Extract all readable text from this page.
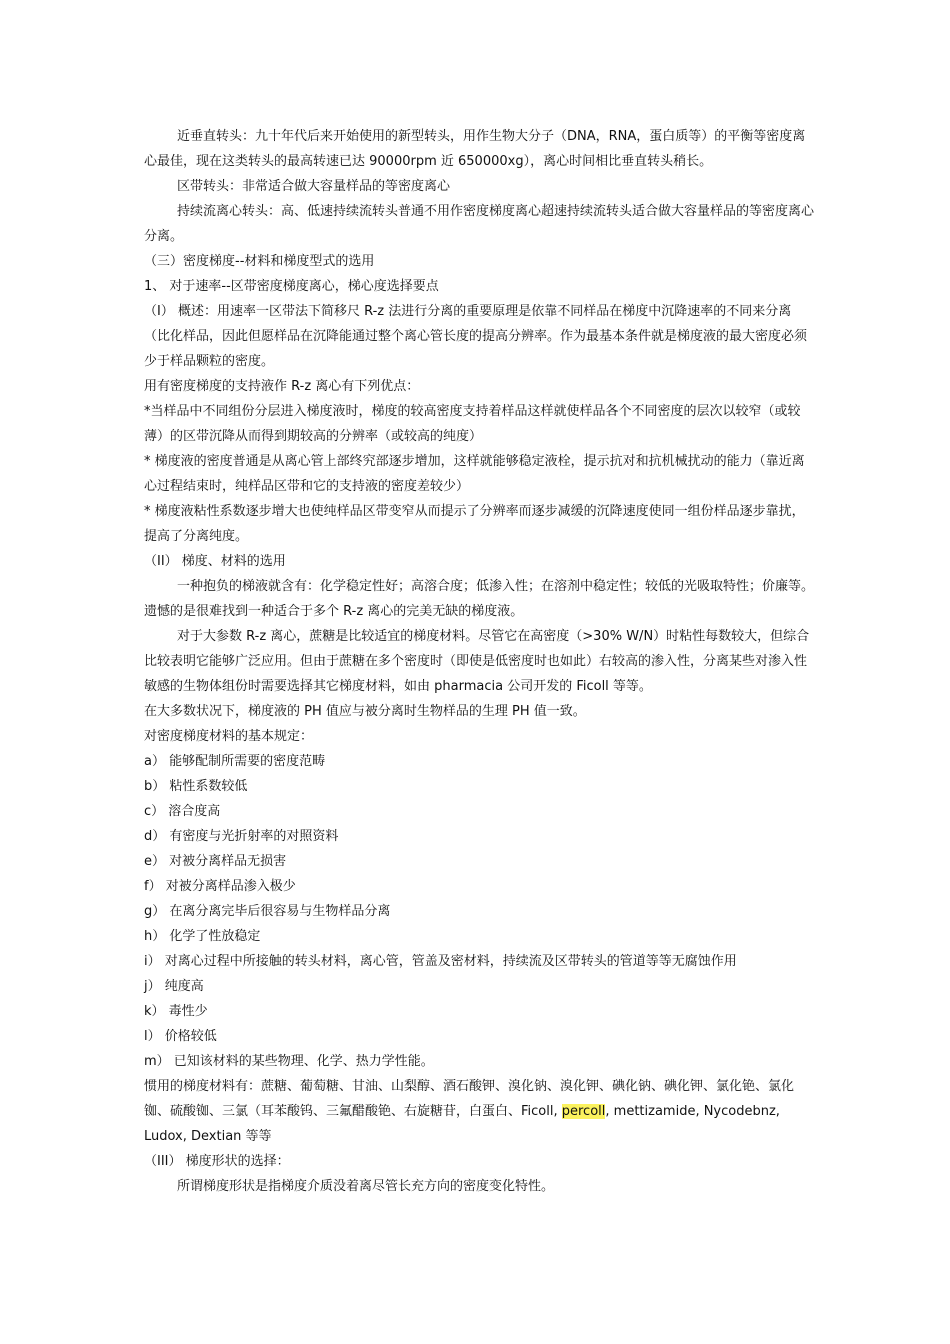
近垂直转头：九十年代后来开始使用的新型转头，用作生物大分子（DNA，RNA，蛋白质等）的平衡等密度离心最佳，现在这类转头的最高转速已达 90000rpm 近 650000xg），离心时间相比垂直转头稍长。

区带转头：非常适合做大容量样品的等密度离心

持续流离心转头：高、低速持续流转头普通不用作密度梯度离心超速持续流转头适合做大容量样品的等密度离心分离。

（三）密度梯度--材料和梯度型式的选用

1、 对于速率--区带密度梯度离心，梯心度选择要点

（I） 概述：用速率一区带法下简移尺 R-z 法进行分离的重要原理是依靠不同样品在梯度中沉降速率的不同来分离（比化样品，因此但愿样品在沉降能通过整个离心管长度的提高分辨率。作为最基本条件就是梯度液的最大密度必须少于样品颗粒的密度。

用有密度梯度的支持液作 R-z 离心有下列优点：

*当样品中不同组份分层进入梯度液时，梯度的较高密度支持着样品这样就使样品各个不同密度的层次以较窄（或较薄）的区带沉降从而得到期较高的分辨率（或较高的纯度）

* 梯度液的密度普通是从离心管上部终究部逐步增加，这样就能够稳定液栓，提示抗对和抗机械扰动的能力（靠近离心过程结束时，纯样品区带和它的支持液的密度差较少）

* 梯度液粘性系数逐步增大也使纯样品区带变窄从而提示了分辨率而逐步减缓的沉降速度使同一组份样品逐步靠扰，提高了分离纯度。

（II） 梯度、材料的选用

一种抱负的梯液就含有：化学稳定性好；高溶合度；低渗入性；在溶剂中稳定性；较低的光吸取特性；价廉等。遗憾的是很难找到一种适合于多个 R-z 离心的完美无缺的梯度液。

对于大参数 R-z 离心，蔗糖是比较适宜的梯度材料。尽管它在高密度（>30% W/N）时粘性每数较大，但综合比较表明它能够广泛应用。但由于蔗糖在多个密度时（即使是低密度时也如此）右较高的渗入性，分离某些对渗入性敏感的生物体组份时需要选择其它梯度材料，如由 pharmacia 公司开发的 Ficoll 等等。

在大多数状况下，梯度液的 PH 值应与被分离时生物样品的生理 PH 值一致。

对密度梯度材料的基本规定：

a） 能够配制所需要的密度范畴

b） 粘性系数较低

c） 溶合度高

d） 有密度与光折射率的对照资料

e） 对被分离样品无损害

f） 对被分离样品渗入极少

g） 在离分离完毕后很容易与生物样品分离

h） 化学了性放稳定

i） 对离心过程中所接触的转头材料，离心管，管盖及密材料，持续流及区带转头的管道等等无腐蚀作用

j） 纯度高

k） 毒性少

l） 价格较低

m） 已知该材料的某些物理、化学、热力学性能。

惯用的梯度材料有：蔗糖、葡萄糖、甘油、山梨醇、酒石酸钾、溴化钠、溴化钾、碘化钠、碘化钾、氯化铯、氯化铷、硫酸铷、三氯（耳苯酸钨、三氟醋酸铯、右旋糖苷，白蛋白、Ficoll, percoll, mettizamide, Nycodebnz, Ludox, Dextian 等等

（III） 梯度形状的选择：

所谓梯度形状是指梯度介质没着离尽管长充方向的密度变化特性。
